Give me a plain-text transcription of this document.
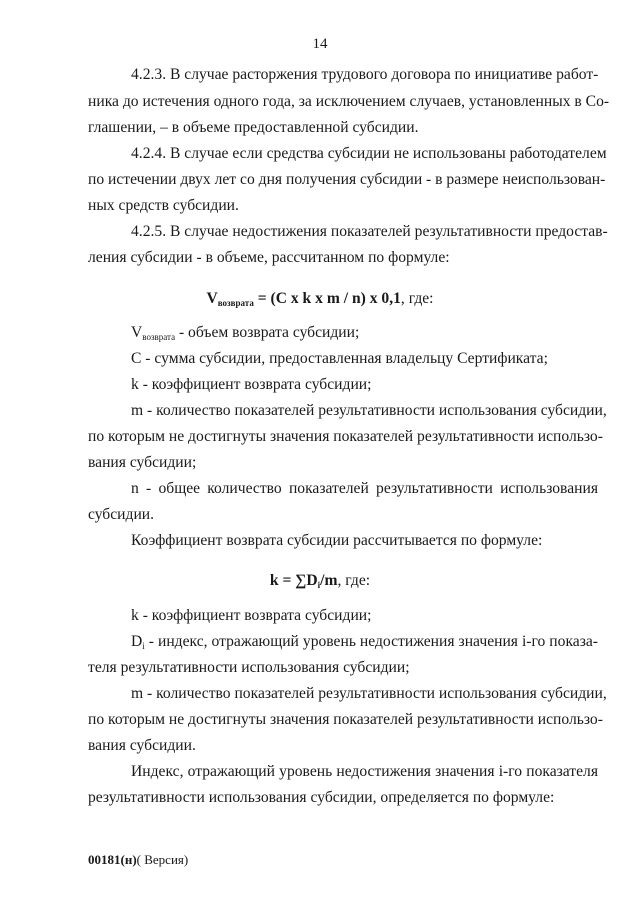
14
4.2.3. В случае расторжения трудового договора по инициативе работ-
ника до истечения одного года, за исключением случаев, установленных в Со-
глашении, – в объеме предоставленной субсидии.
4.2.4. В случае если средства субсидии не использованы работодателем
по истечении двух лет со дня получения субсидии - в размере неиспользован-
ных средств субсидии.
4.2.5. В случае недостижения показателей результативности предостав-
ления субсидии - в объеме, рассчитанном по формуле:
$V_{возврата} = (C$ x k x m / n) x 0,1, где:
$V_{возврата}$ - объем возврата субсидии;
C - сумма субсидии, предоставленная владельцу Сертификата;
k - коэффициент возврата субсидии;
m - количество показателей результативности использования субсидии,
по которым не достигнуты значения показателей результативности использо-
вания субсидии;
n - общее количество показателей результативности использования
субсидии.
Коэффициент возврата субсидии рассчитывается по формуле:
$k = \sum D_i/m$, где:
k - коэффициент возврата субсидии;
$D_i$ - индекс, отражающий уровень недостижения значения i-го показа-
теля результативности использования субсидии;
m - количество показателей результативности использования субсидии,
по которым не достигнуты значения показателей результативности использо-
вания субсидии.
Индекс, отражающий уровень недостижения значения i-го показателя
результативности использования субсидии, определяется по формуле:
00181(н)( Версия)
